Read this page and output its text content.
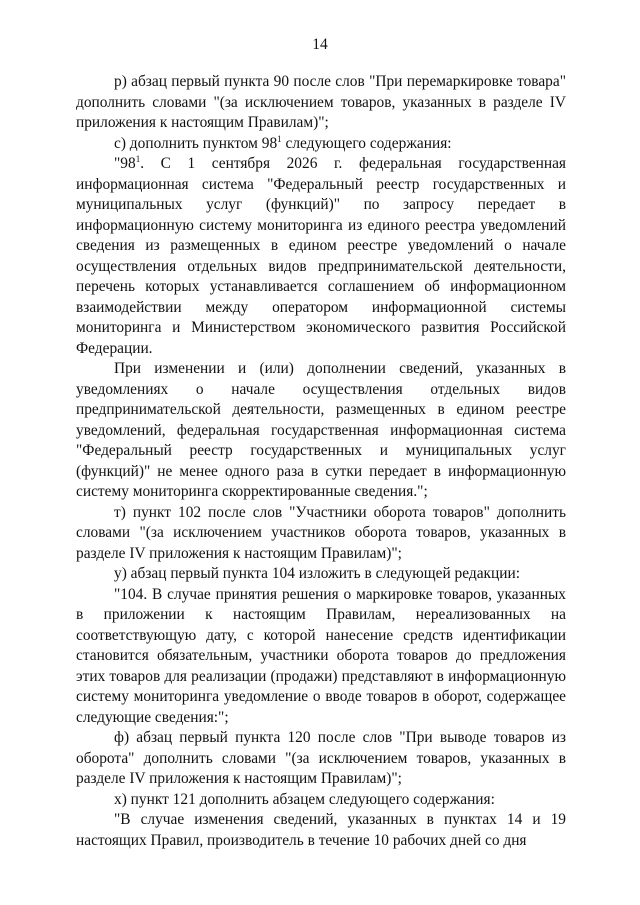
14

р) абзац первый пункта 90 после слов "При перемаркировке товара" дополнить словами "(за исключением товаров, указанных в разделе IV приложения к настоящим Правилам)";

с) дополнить пунктом $98^1$ следующего содержания:

"$98^1$. С 1 сентября 2026 г. федеральная государственная информационная система "Федеральный реестр государственных и муниципальных услуг (функций)" по запросу передает в информационную систему мониторинга из единого реестра уведомлений сведения из размещенных в едином реестре уведомлений о начале осуществления отдельных видов предпринимательской деятельности, перечень которых устанавливается соглашением об информационном взаимодействии между оператором информационной системы мониторинга и Министерством экономического развития Российской Федерации.

При изменении и (или) дополнении сведений, указанных в уведомлениях о начале осуществления отдельных видов предпринимательской деятельности, размещенных в едином реестре уведомлений, федеральная государственная информационная система "Федеральный реестр государственных и муниципальных услуг (функций)" не менее одного раза в сутки передает в информационную систему мониторинга скорректированные сведения.";

т) пункт 102 после слов "Участники оборота товаров" дополнить словами "(за исключением участников оборота товаров, указанных в разделе IV приложения к настоящим Правилам)";

у) абзац первый пункта 104 изложить в следующей редакции:

"104. В случае принятия решения о маркировке товаров, указанных в приложении к настоящим Правилам, нереализованных на соответствующую дату, с которой нанесение средств идентификации становится обязательным, участники оборота товаров до предложения этих товаров для реализации (продажи) представляют в информационную систему мониторинга уведомление о вводе товаров в оборот, содержащее следующие сведения:";

ф) абзац первый пункта 120 после слов "При выводе товаров из оборота" дополнить словами "(за исключением товаров, указанных в разделе IV приложения к настоящим Правилам)";

х) пункт 121 дополнить абзацем следующего содержания:

"В случае изменения сведений, указанных в пунктах 14 и 19 настоящих Правил, производитель в течение 10 рабочих дней со дня
